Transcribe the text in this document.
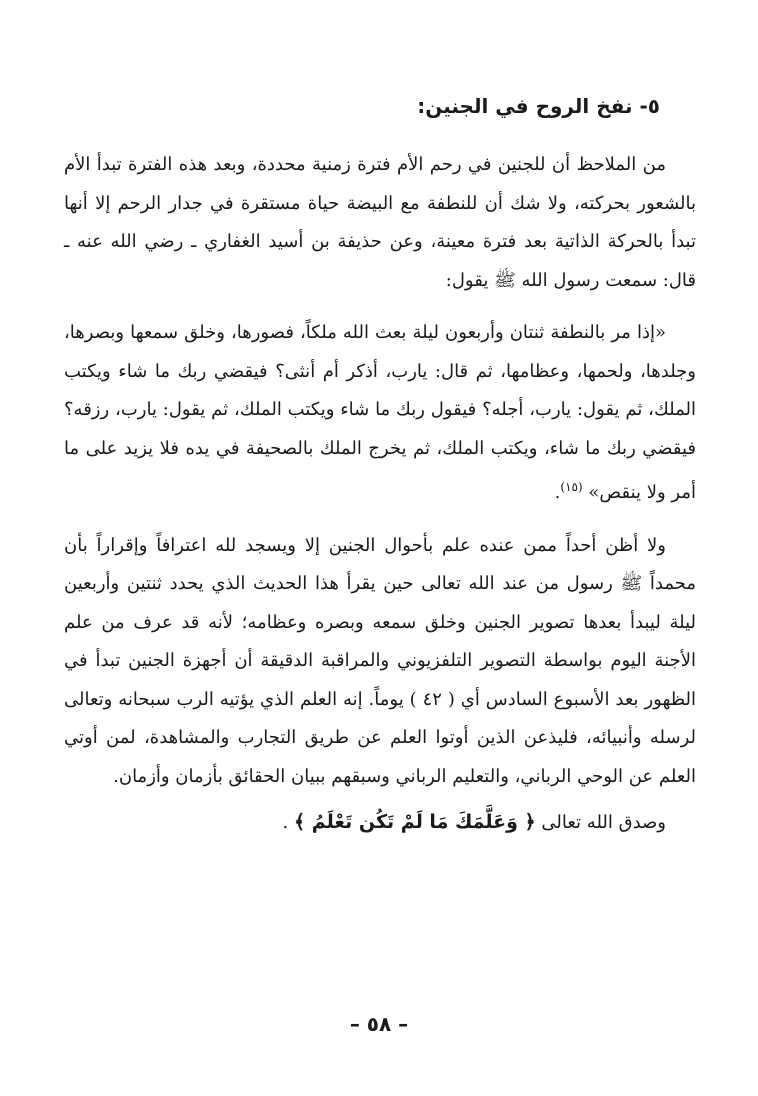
٥- نفخ الروح في الجنين:

من الملاحظ أن للجنين في رحم الأم فترة زمنية محددة، وبعد هذه الفترة تبدأ الأم بالشعور بحركته، ولا شك أن للنطفة مع البيضة حياة مستقرة في جدار الرحم إلا أنها تبدأ بالحركة الذاتية بعد فترة معينة، وعن حذيفة بن أسيد الغفاري ـ رضي الله عنه ـ قال: سمعت رسول الله ﷺ يقول:

«إذا مر بالنطفة ثنتان وأربعون ليلة بعث الله ملكاً، فصورها، وخلق سمعها وبصرها، وجلدها، ولحمها، وعظامها، ثم قال: يارب، أذكر أم أنثى؟ فيقضي ربك ما شاء ويكتب الملك، ثم يقول: يارب، أجله؟ فيقول ربك ما شاء ويكتب الملك، ثم يقول: يارب، رزقه؟ فيقضي ربك ما شاء، ويكتب الملك، ثم يخرج الملك بالصحيفة في يده فلا يزيد على ما أمر ولا ينقص» $^{(١٥)}$.

ولا أظن أحداً ممن عنده علم بأحوال الجنين إلا ويسجد لله اعترافاً وإقراراً بأن محمداً ﷺ رسول من عند الله تعالى حين يقرأ هذا الحديث الذي يحدد ثنتين وأربعين ليلة ليبدأ بعدها تصوير الجنين وخلق سمعه وبصره وعظامه؛ لأنه قد عرف من علم الأجنة اليوم بواسطة التصوير التلفزيوني والمراقبة الدقيقة أن أجهزة الجنين تبدأ في الظهور بعد الأسبوع السادس أي ( ٤٢ ) يوماً. إنه العلم الذي يؤتيه الرب سبحانه وتعالى لرسله وأنبيائه، فليذعن الذين أوتوا العلم عن طريق التجارب والمشاهدة، لمن أوتي العلم عن الوحي الرباني، والتعليم الرباني وسبقهم ببيان الحقائق بأزمان وأزمان.

وصدق الله تعالى ﴿ وَعَلَّمَكَ مَا لَمْ تَكُن تَعْلَمُ ﴾ .

– ٥٨ –
